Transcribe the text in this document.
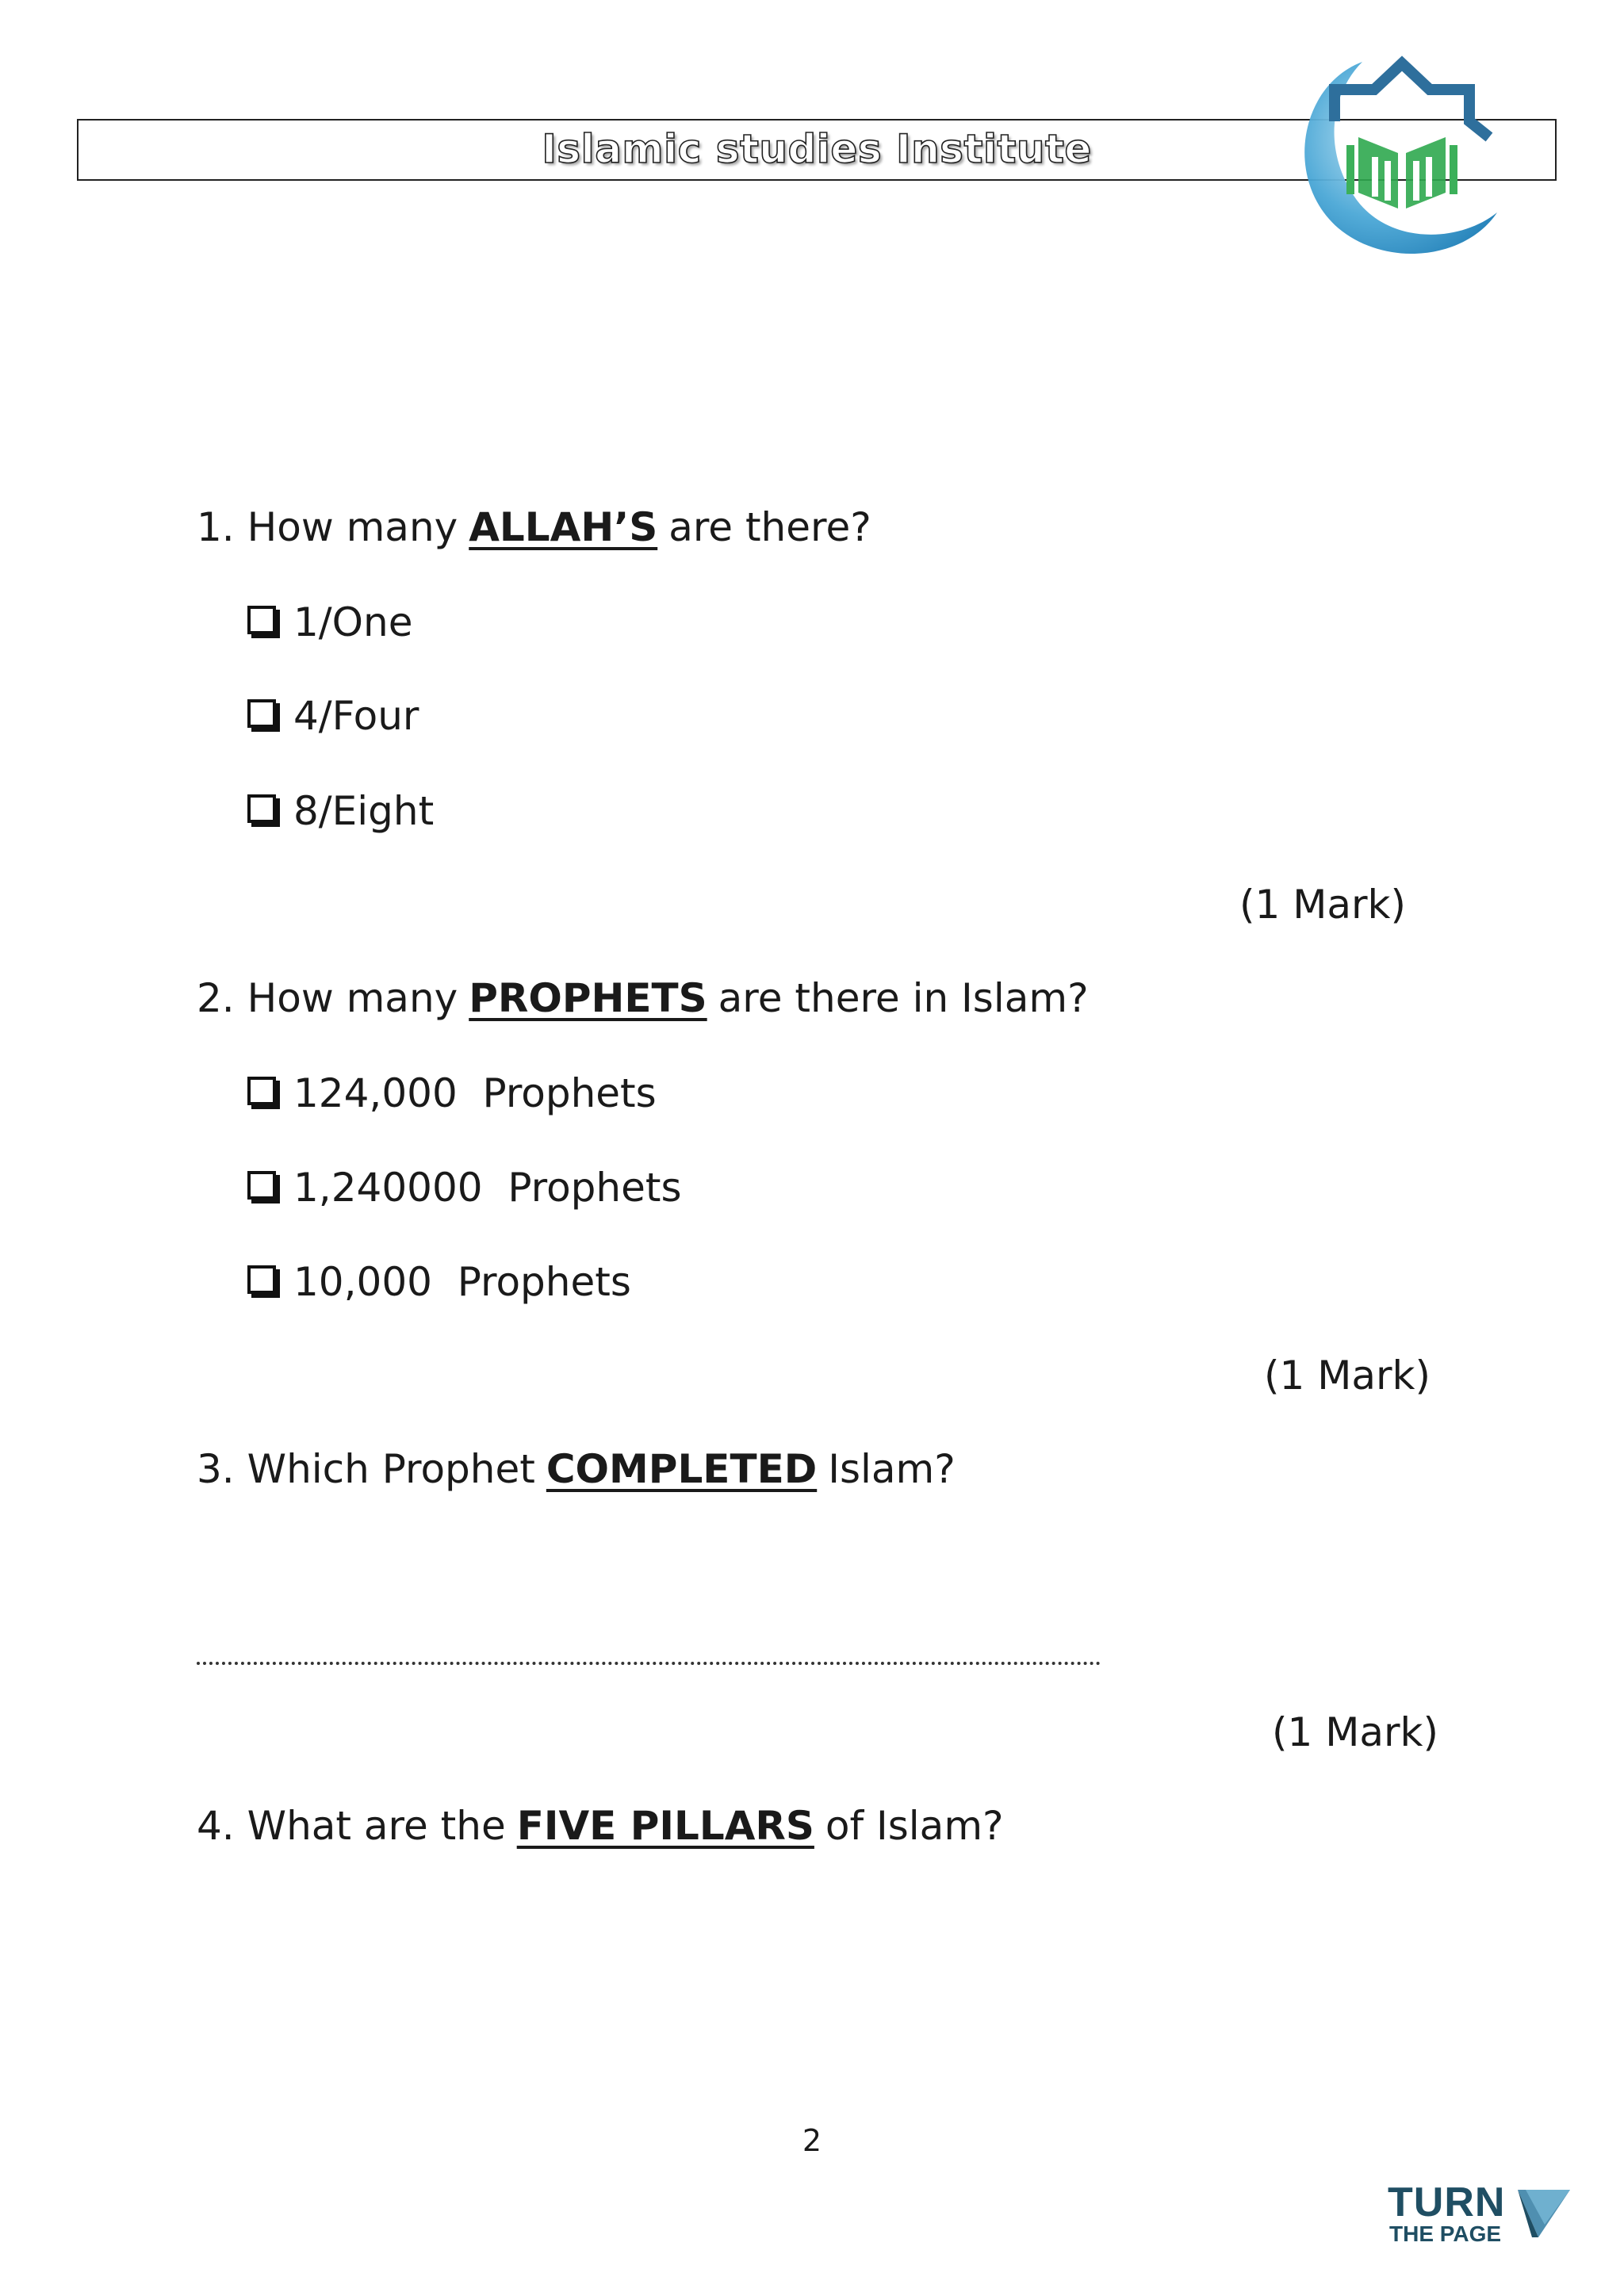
Islamic studies Institute
1. How many ALLAH’S are there?
1/One
4/Four
8/Eight
(1 Mark)
2. How many PROPHETS are there in Islam?
124,000  Prophets
1,240000  Prophets
10,000  Prophets
(1 Mark)
3. Which Prophet COMPLETED Islam?
(1 Mark)
4. What are the FIVE PILLARS of Islam?
2
TURN
THE PAGE
